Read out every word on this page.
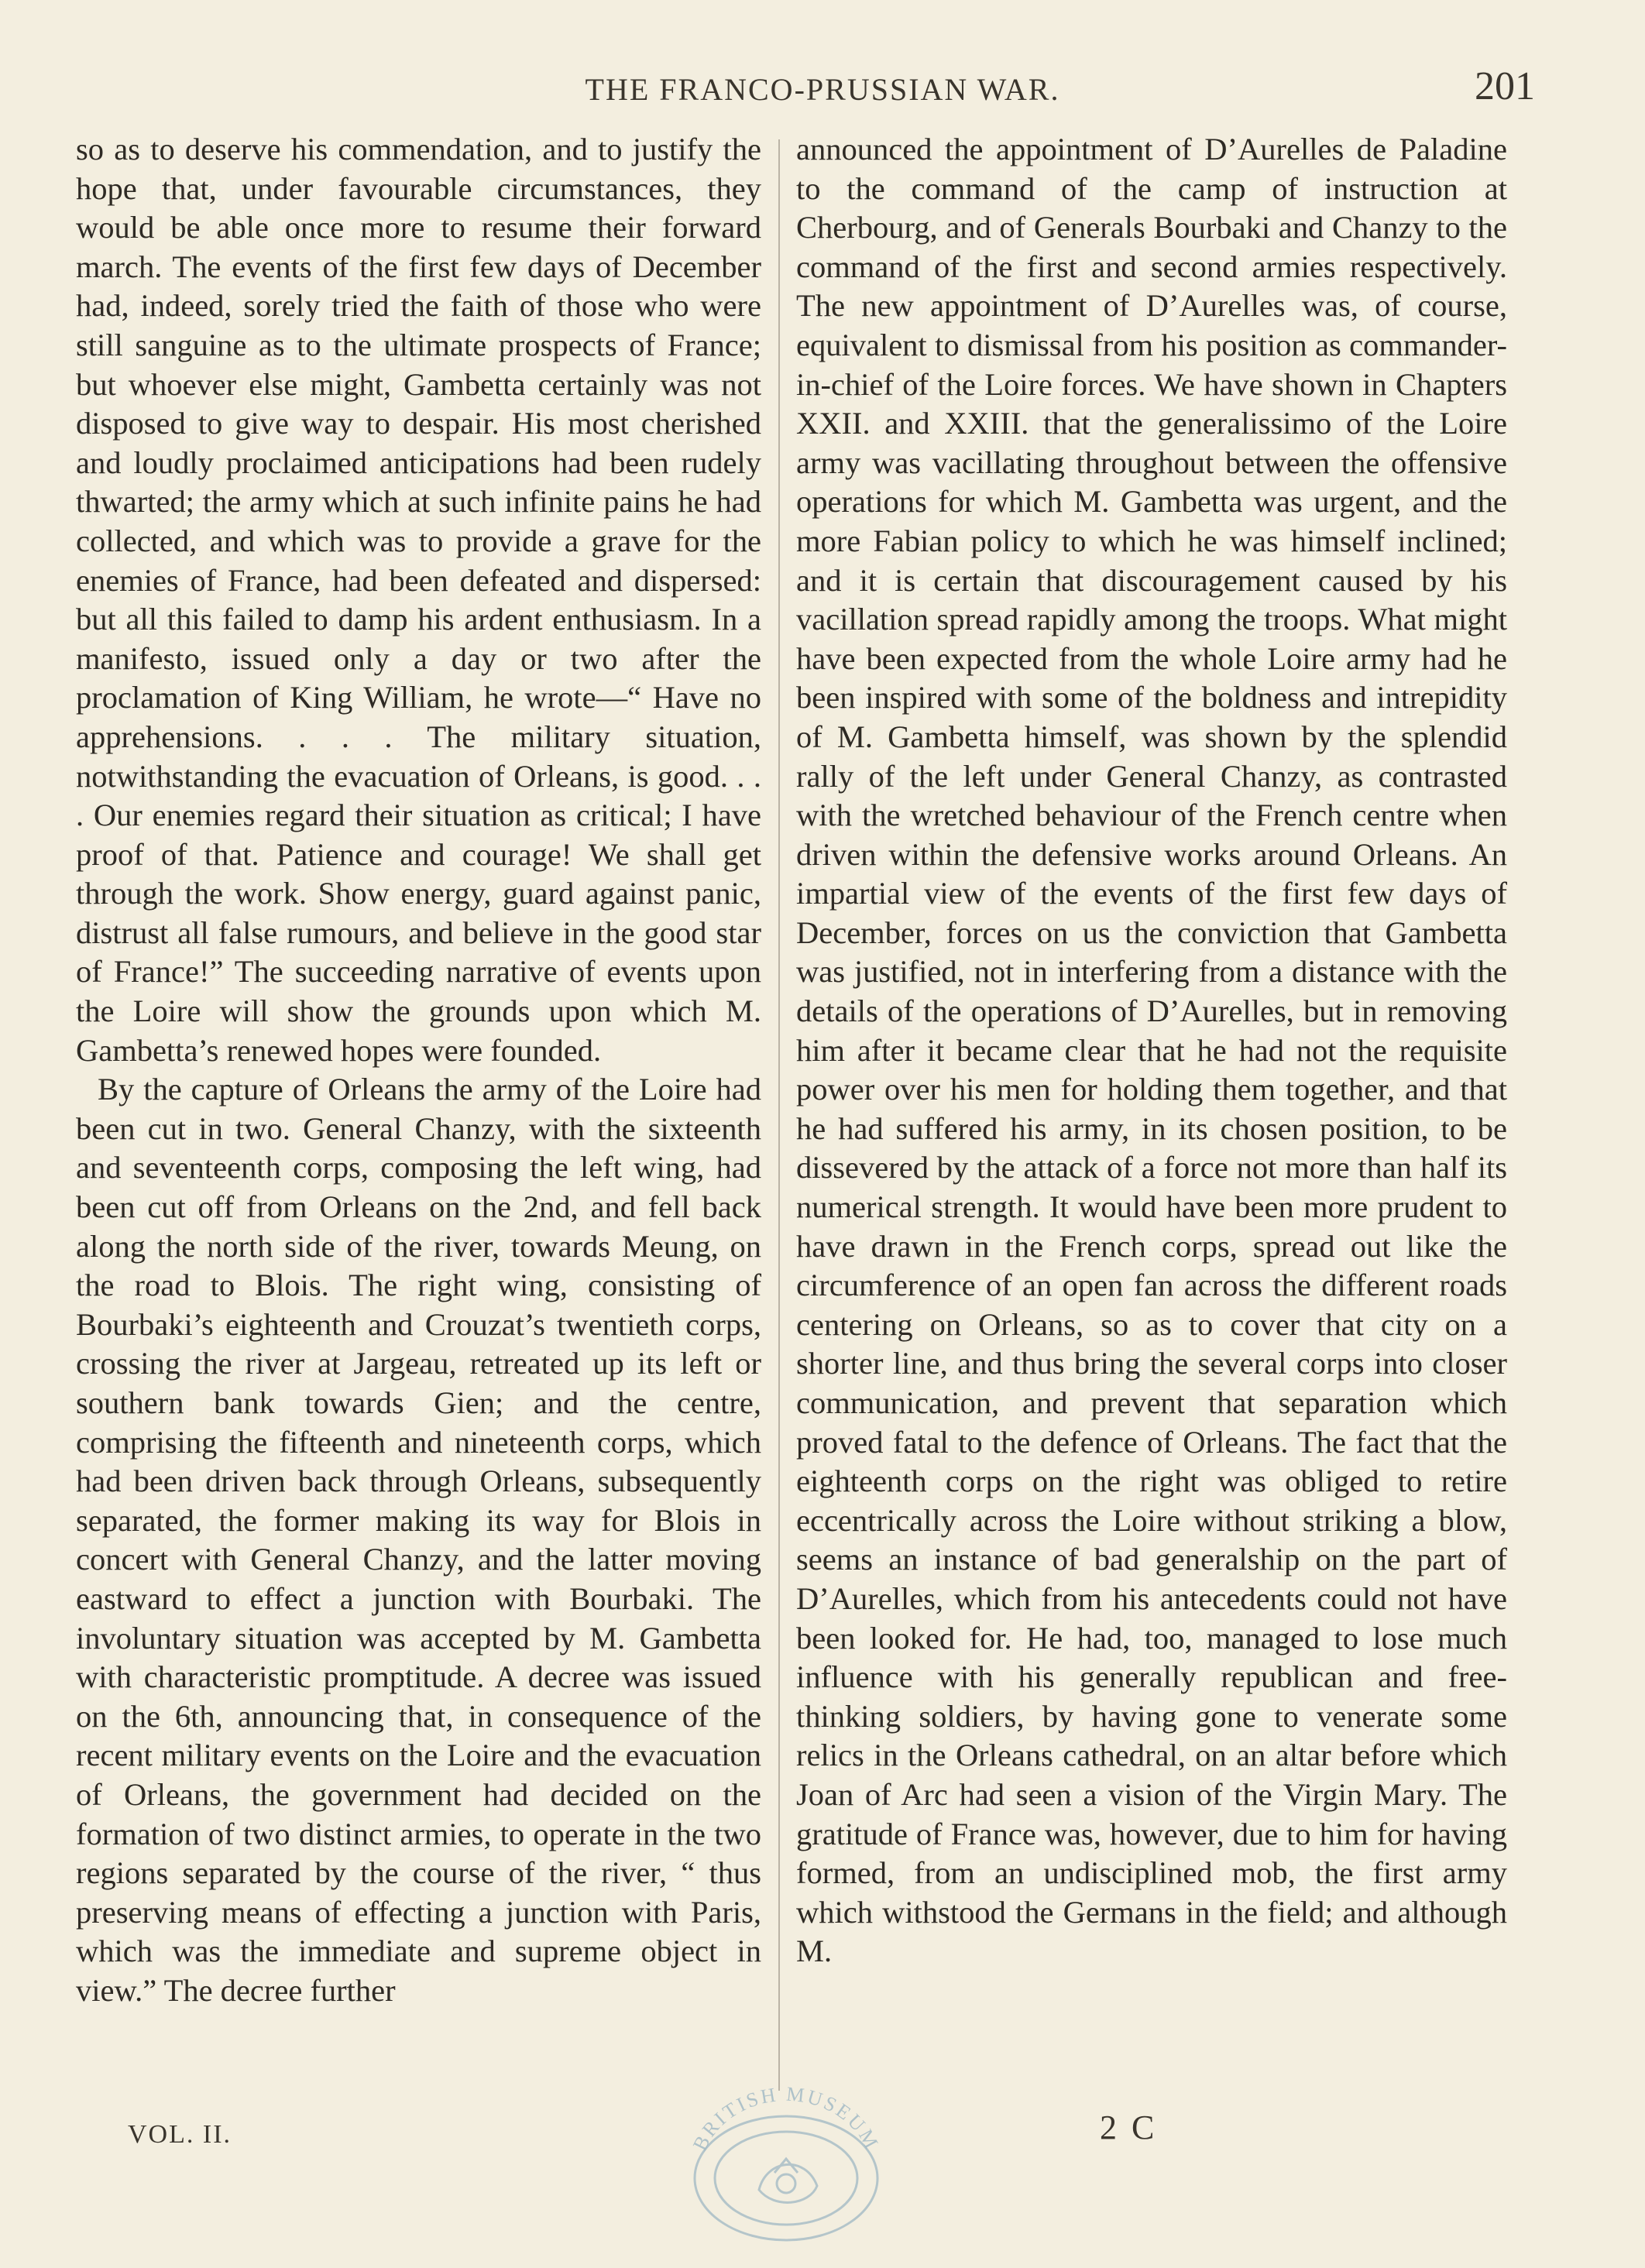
THE FRANCO-PRUSSIAN WAR.	201

so as to deserve his commendation, and to justify the hope that, under favourable circumstances, they would be able once more to resume their forward march. The events of the first few days of December had, indeed, sorely tried the faith of those who were still sanguine as to the ultimate prospects of France; but whoever else might, Gambetta certainly was not disposed to give way to despair. His most cherished and loudly proclaimed anticipations had been rudely thwarted; the army which at such infinite pains he had collected, and which was to provide a grave for the enemies of France, had been defeated and dispersed: but all this failed to damp his ardent enthusiasm. In a manifesto, issued only a day or two after the proclamation of King William, he wrote—“ Have no apprehensions. . . . The military situation, notwithstanding the evacuation of Orleans, is good. . . . Our enemies regard their situation as critical; I have proof of that. Patience and courage! We shall get through the work. Show energy, guard against panic, distrust all false rumours, and believe in the good star of France!” The succeeding narrative of events upon the Loire will show the grounds upon which M. Gambetta’s renewed hopes were founded.

By the capture of Orleans the army of the Loire had been cut in two. General Chanzy, with the sixteenth and seventeenth corps, composing the left wing, had been cut off from Orleans on the 2nd, and fell back along the north side of the river, towards Meung, on the road to Blois. The right wing, consisting of Bourbaki’s eighteenth and Crouzat’s twentieth corps, crossing the river at Jargeau, retreated up its left or southern bank towards Gien; and the centre, comprising the fifteenth and nineteenth corps, which had been driven back through Orleans, subsequently separated, the former making its way for Blois in concert with General Chanzy, and the latter moving eastward to effect a junction with Bourbaki. The involuntary situation was accepted by M. Gambetta with characteristic promptitude. A decree was issued on the 6th, announcing that, in consequence of the recent military events on the Loire and the evacuation of Orleans, the government had decided on the formation of two distinct armies, to operate in the two regions separated by the course of the river, “ thus preserving means of effecting a junction with Paris, which was the immediate and supreme object in view.” The decree further

announced the appointment of D’Aurelles de Paladine to the command of the camp of instruction at Cherbourg, and of Generals Bourbaki and Chanzy to the command of the first and second armies respectively. The new appointment of D’Aurelles was, of course, equivalent to dismissal from his position as commander-in-chief of the Loire forces. We have shown in Chapters XXII. and XXIII. that the generalissimo of the Loire army was vacillating throughout between the offensive operations for which M. Gambetta was urgent, and the more Fabian policy to which he was himself inclined; and it is certain that discouragement caused by his vacillation spread rapidly among the troops. What might have been expected from the whole Loire army had he been inspired with some of the boldness and intrepidity of M. Gambetta himself, was shown by the splendid rally of the left under General Chanzy, as contrasted with the wretched behaviour of the French centre when driven within the defensive works around Orleans. An impartial view of the events of the first few days of December, forces on us the conviction that Gambetta was justified, not in interfering from a distance with the details of the operations of D’Aurelles, but in removing him after it became clear that he had not the requisite power over his men for holding them together, and that he had suffered his army, in its chosen position, to be dissevered by the attack of a force not more than half its numerical strength. It would have been more prudent to have drawn in the French corps, spread out like the circumference of an open fan across the different roads centering on Orleans, so as to cover that city on a shorter line, and thus bring the several corps into closer communication, and prevent that separation which proved fatal to the defence of Orleans. The fact that the eighteenth corps on the right was obliged to retire eccentrically across the Loire without striking a blow, seems an instance of bad generalship on the part of D’Aurelles, which from his antecedents could not have been looked for. He had, too, managed to lose much influence with his generally republican and free-thinking soldiers, by having gone to venerate some relics in the Orleans cathedral, on an altar before which Joan of Arc had seen a vision of the Virgin Mary. The gratitude of France was, however, due to him for having formed, from an undisciplined mob, the first army which withstood the Germans in the field; and although M.

VOL. II.	2 C
BRITISH MUSEUM
